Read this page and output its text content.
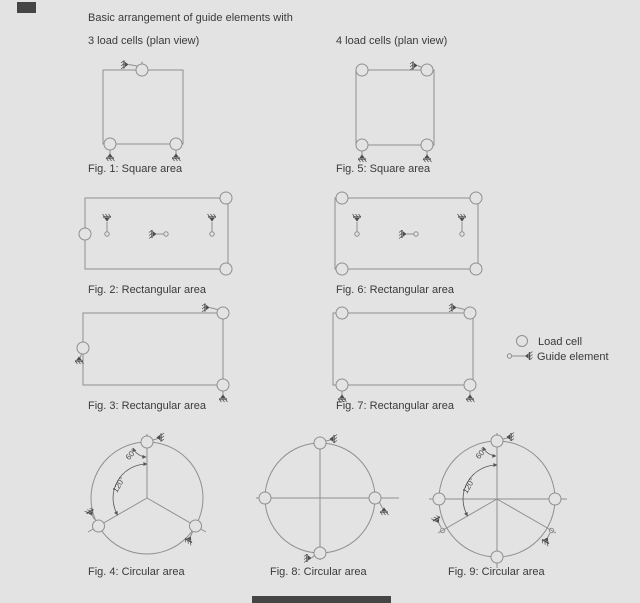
Basic arrangement of guide elements with
3 load cells (plan view)	4 load cells (plan view)
Fig. 1: Square area	Fig. 5: Square area
Fig. 2: Rectangular area	Fig. 6: Rectangular area
Fig. 3: Rectangular area	Fig. 7: Rectangular area
Load cell
Guide element
60°
120°
Fig. 4: Circular area	Fig. 8: Circular area
60°
120°
Fig. 9: Circular area
